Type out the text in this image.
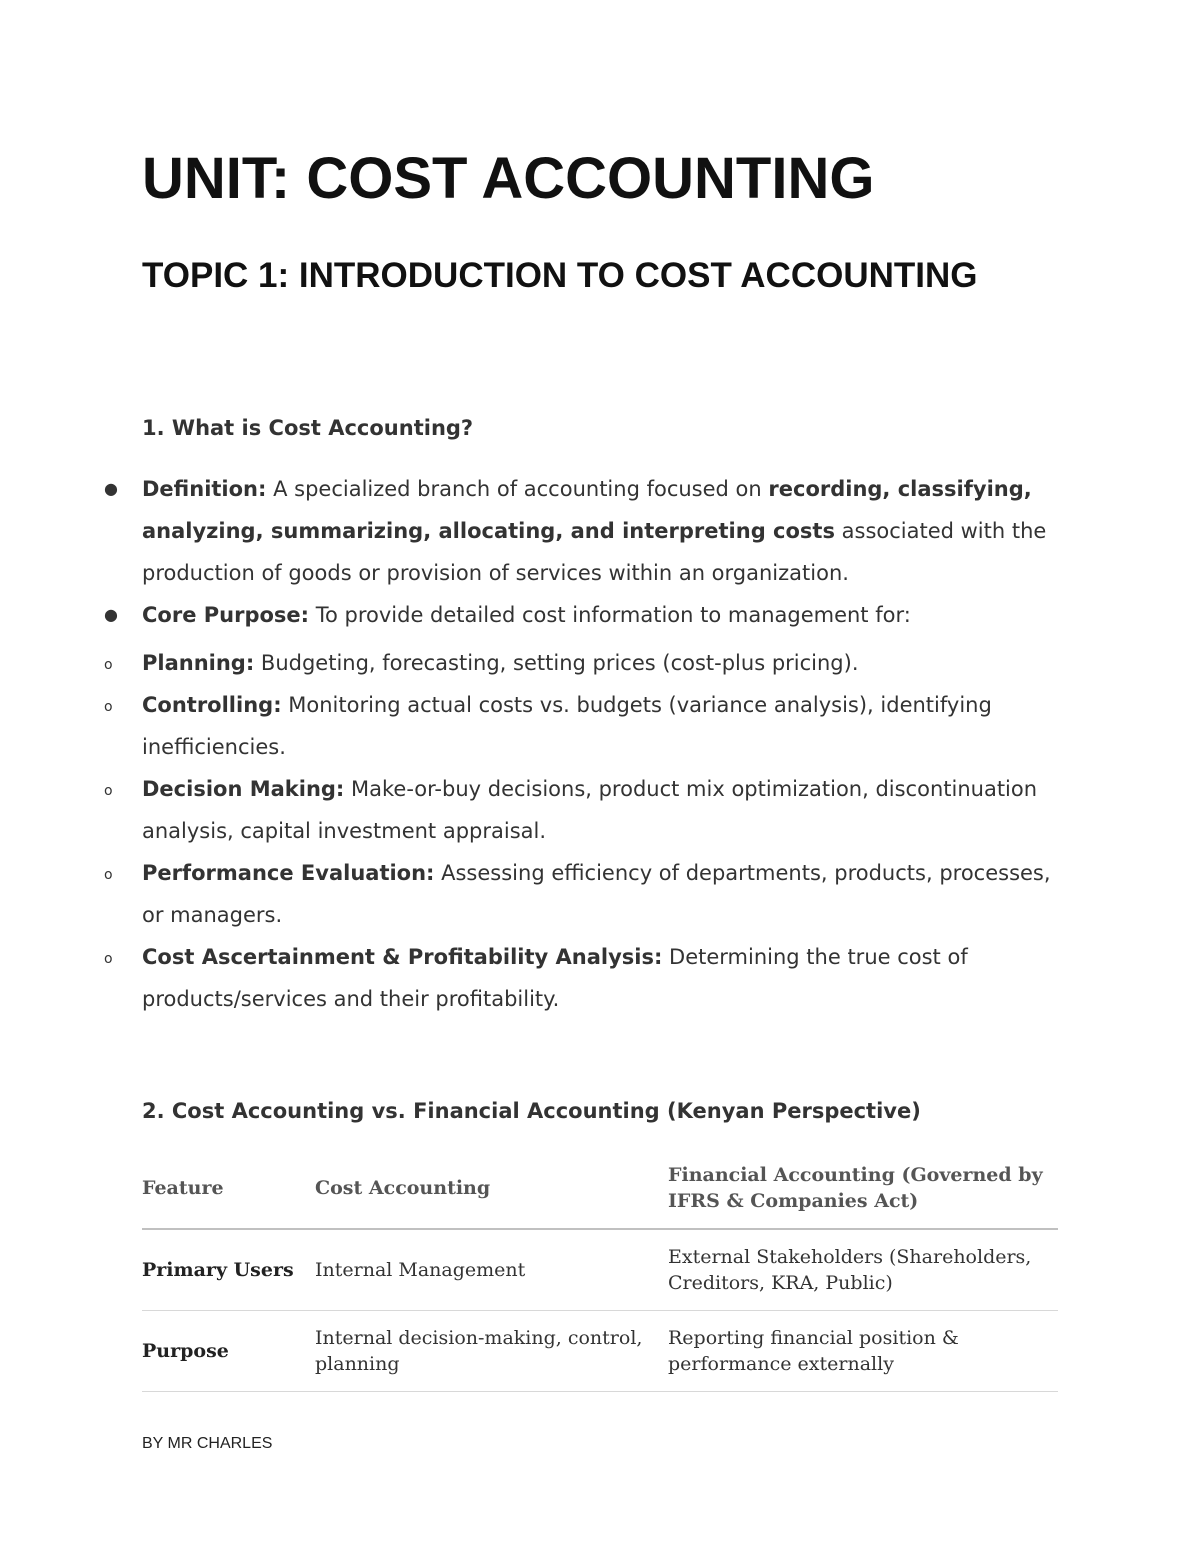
UNIT: COST ACCOUNTING
TOPIC 1: INTRODUCTION TO COST ACCOUNTING
1. What is Cost Accounting?
● Definition: A specialized branch of accounting focused on recording, classifying, analyzing, summarizing, allocating, and interpreting costs associated with the production of goods or provision of services within an organization.
● Core Purpose: To provide detailed cost information to management for:
o Planning: Budgeting, forecasting, setting prices (cost-plus pricing).
o Controlling: Monitoring actual costs vs. budgets (variance analysis), identifying inefficiencies.
o Decision Making: Make-or-buy decisions, product mix optimization, discontinuation analysis, capital investment appraisal.
o Performance Evaluation: Assessing efficiency of departments, products, processes, or managers.
o Cost Ascertainment & Profitability Analysis: Determining the true cost of products/services and their profitability.
2. Cost Accounting vs. Financial Accounting (Kenyan Perspective)
Feature	Cost Accounting	Financial Accounting (Governed by IFRS & Companies Act)
Primary Users	Internal Management	External Stakeholders (Shareholders, Creditors, KRA, Public)
Purpose	Internal decision-making, control, planning	Reporting financial position & performance externally
BY MR CHARLES
